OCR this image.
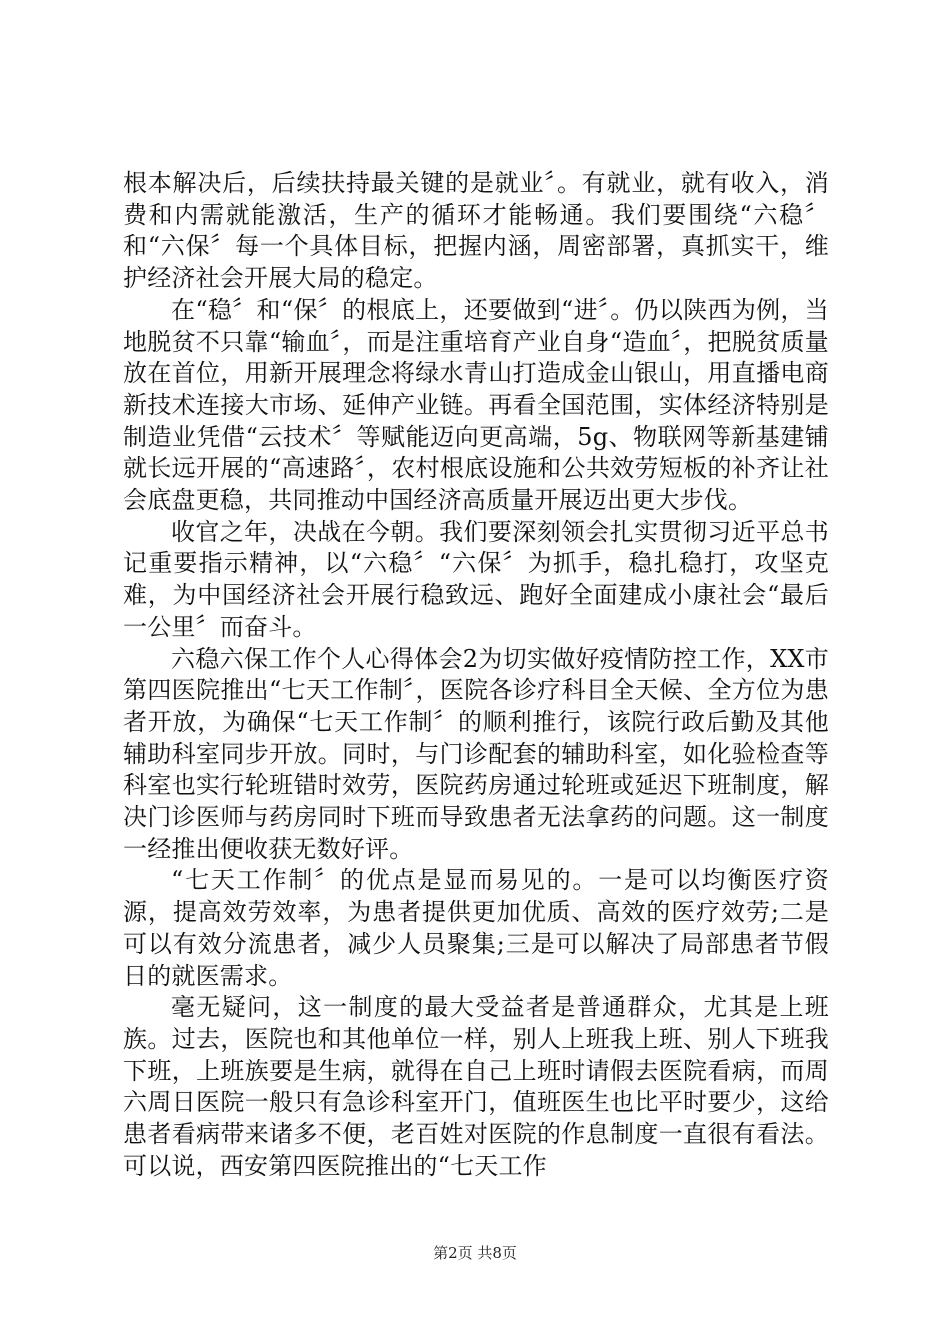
根本解决后，后续扶持最关键的是就业〞。有就业，就有收入，消费和内需就能激活，生产的循环才能畅通。我们要围绕“六稳〞和“六保〞每一个具体目标，把握内涵，周密部署，真抓实干，维护经济社会开展大局的稳定。

在“稳〞和“保〞的根底上，还要做到“进〞。仍以陕西为例，当地脱贫不只靠“输血〞，而是注重培育产业自身“造血〞，把脱贫质量放在首位，用新开展理念将绿水青山打造成金山银山，用直播电商新技术连接大市场、延伸产业链。再看全国范围，实体经济特别是制造业凭借“云技术〞等赋能迈向更高端，5g、物联网等新基建铺就长远开展的“高速路〞，农村根底设施和公共效劳短板的补齐让社会底盘更稳，共同推动中国经济高质量开展迈出更大步伐。

收官之年，决战在今朝。我们要深刻领会扎实贯彻习近平总书记重要指示精神，以“六稳〞“六保〞为抓手，稳扎稳打，攻坚克难，为中国经济社会开展行稳致远、跑好全面建成小康社会“最后一公里〞而奋斗。

六稳六保工作个人心得体会2为切实做好疫情防控工作，XX市第四医院推出“七天工作制〞，医院各诊疗科目全天候、全方位为患者开放，为确保“七天工作制〞的顺利推行，该院行政后勤及其他辅助科室同步开放。同时，与门诊配套的辅助科室，如化验检查等科室也实行轮班错时效劳，医院药房通过轮班或延迟下班制度，解决门诊医师与药房同时下班而导致患者无法拿药的问题。这一制度一经推出便收获无数好评。

“七天工作制〞的优点是显而易见的。一是可以均衡医疗资源，提高效劳效率，为患者提供更加优质、高效的医疗效劳;二是可以有效分流患者，减少人员聚集;三是可以解决了局部患者节假日的就医需求。

毫无疑问，这一制度的最大受益者是普通群众，尤其是上班族。过去，医院也和其他单位一样，别人上班我上班、别人下班我下班，上班族要是生病，就得在自己上班时请假去医院看病，而周六周日医院一般只有急诊科室开门，值班医生也比平时要少，这给患者看病带来诸多不便，老百姓对医院的作息制度一直很有看法。可以说，西安第四医院推出的“七天工作

第2页 共8页
